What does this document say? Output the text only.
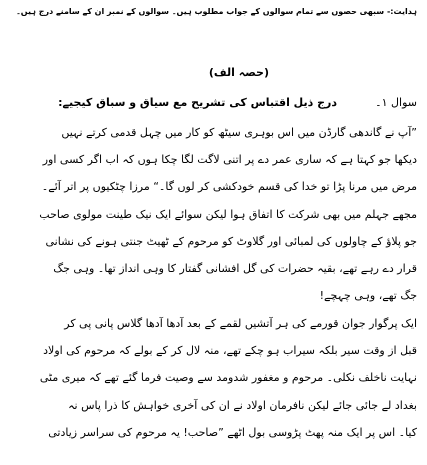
ہدایت:- سبھی حصوں سے تمام سوالوں کے جواب مطلوب ہیں۔ سوالوں کے نمبر ان کے سامنے درج ہیں۔
(حصہ الف)
سوال ۱۔
درج ذیل اقتباس کی تشریح مع سیاق و سباق کیجیے:
”آپ نے گاندھی گارڈن میں اس بوہری سیٹھ کو کار میں چہل قدمی کرتے نہیں
دیکھا جو کہتا ہے کہ ساری عمر دے پر اتنی لاگت لگا چکا ہوں کہ اب اگر کسی اور
مرض میں مرنا پڑا تو خدا کی قسم خودکشی کر لوں گا۔“ مرزا چٹکیوں پر اتر آئے۔
مجھے جہلم میں بھی شرکت کا اتفاق ہوا لیکن سوائے ایک نیک طینت مولوی صاحب
جو پلاؤ کے چاولوں کی لمبائی اور گلاوٹ کو مرحوم کے ٹھیٹ جنتی ہونے کی نشانی
قرار دے رہے تھے، بقیہ حضرات کی گل افشانی گفتار کا وہی انداز تھا۔ وہی جگ
جگ تھے، وہی چہچے!
ایک پرگوار جوان قورمے کی ہر آتشیں لقمے کے بعد آدھا آدھا گلاس پانی پی کر
قبل از وقت سیر بلکہ سیراب ہو چکے تھے، منہ لال کر کے بولے کہ مرحوم کی اولاد
نہایت ناخلف نکلی۔ مرحوم و مغفور شدومد سے وصیت فرما گئے تھے کہ میری مٹی
بغداد لے جائی جائے لیکن نافرمان اولاد نے ان کی آخری خواہش کا ذرا پاس نہ
کیا۔ اس پر ایک منہ پھٹ پڑوسی بول اٹھے ”صاحب! یہ مرحوم کی سراسر زیادتی
